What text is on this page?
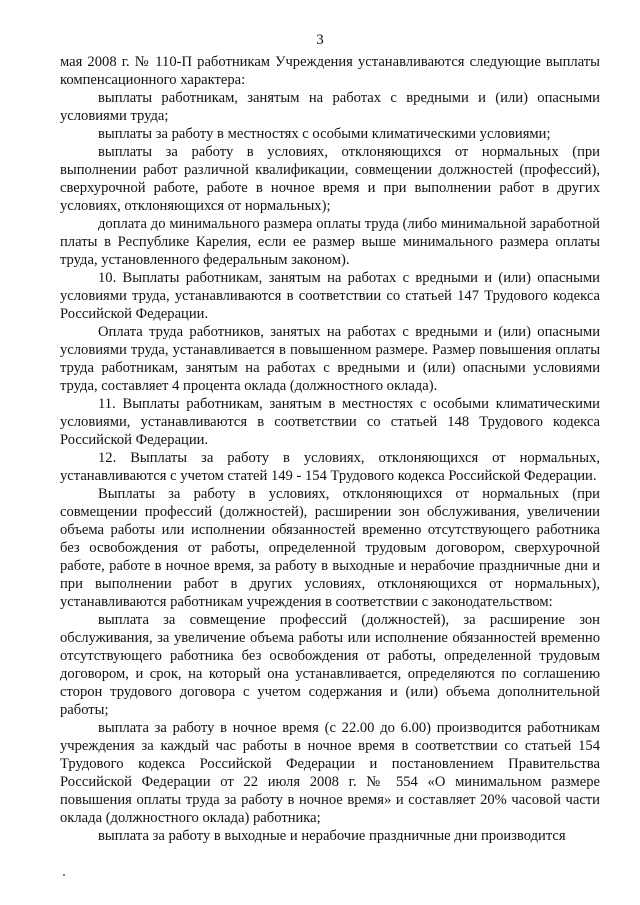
3

мая 2008 г. № 110-П работникам Учреждения устанавливаются следующие выплаты компенсационного характера:

выплаты работникам, занятым на работах с вредными и (или) опасными условиями труда;

выплаты за работу в местностях с особыми климатическими условиями;

выплаты за работу в условиях, отклоняющихся от нормальных (при выполнении работ различной квалификации, совмещении должностей (профессий), сверхурочной работе, работе в ночное время и при выполнении работ в других условиях, отклоняющихся от нормальных);

доплата до минимального размера оплаты труда (либо минимальной заработной платы в Республике Карелия, если ее размер выше минимального размера оплаты труда, установленного федеральным законом).

10. Выплаты работникам, занятым на работах с вредными и (или) опасными условиями труда, устанавливаются в соответствии со статьей 147 Трудового кодекса Российской Федерации.

Оплата труда работников, занятых на работах с вредными и (или) опасными условиями труда, устанавливается в повышенном размере. Размер повышения оплаты труда работникам, занятым на работах с вредными и (или) опасными условиями труда, составляет 4 процента оклада (должностного оклада).

11. Выплаты работникам, занятым в местностях с особыми климатическими условиями, устанавливаются в соответствии со статьей 148 Трудового кодекса Российской Федерации.

12. Выплаты за работу в условиях, отклоняющихся от нормальных, устанавливаются с учетом статей 149 - 154 Трудового кодекса Российской Федерации.

Выплаты за работу в условиях, отклоняющихся от нормальных (при совмещении профессий (должностей), расширении зон обслуживания, увеличении объема работы или исполнении обязанностей временно отсутствующего работника без освобождения от работы, определенной трудовым договором, сверхурочной работе, работе в ночное время, за работу в выходные и нерабочие праздничные дни и при выполнении работ в других условиях, отклоняющихся от нормальных), устанавливаются работникам учреждения в соответствии с законодательством:

выплата за совмещение профессий (должностей), за расширение зон обслуживания, за увеличение объема работы или исполнение обязанностей временно отсутствующего работника без освобождения от работы, определенной трудовым договором, и срок, на который она устанавливается, определяются по соглашению сторон трудового договора с учетом содержания и (или) объема дополнительной работы;

выплата за работу в ночное время (с 22.00 до 6.00) производится работникам учреждения за каждый час работы в ночное время в соответствии со статьей 154 Трудового кодекса Российской Федерации и постановлением Правительства Российской Федерации от 22 июля 2008 г. № 554 «О минимальном размере повышения оплаты труда за работу в ночное время» и составляет 20% часовой части оклада (должностного оклада) работника;

выплата за работу в выходные и нерабочие праздничные дни производится
